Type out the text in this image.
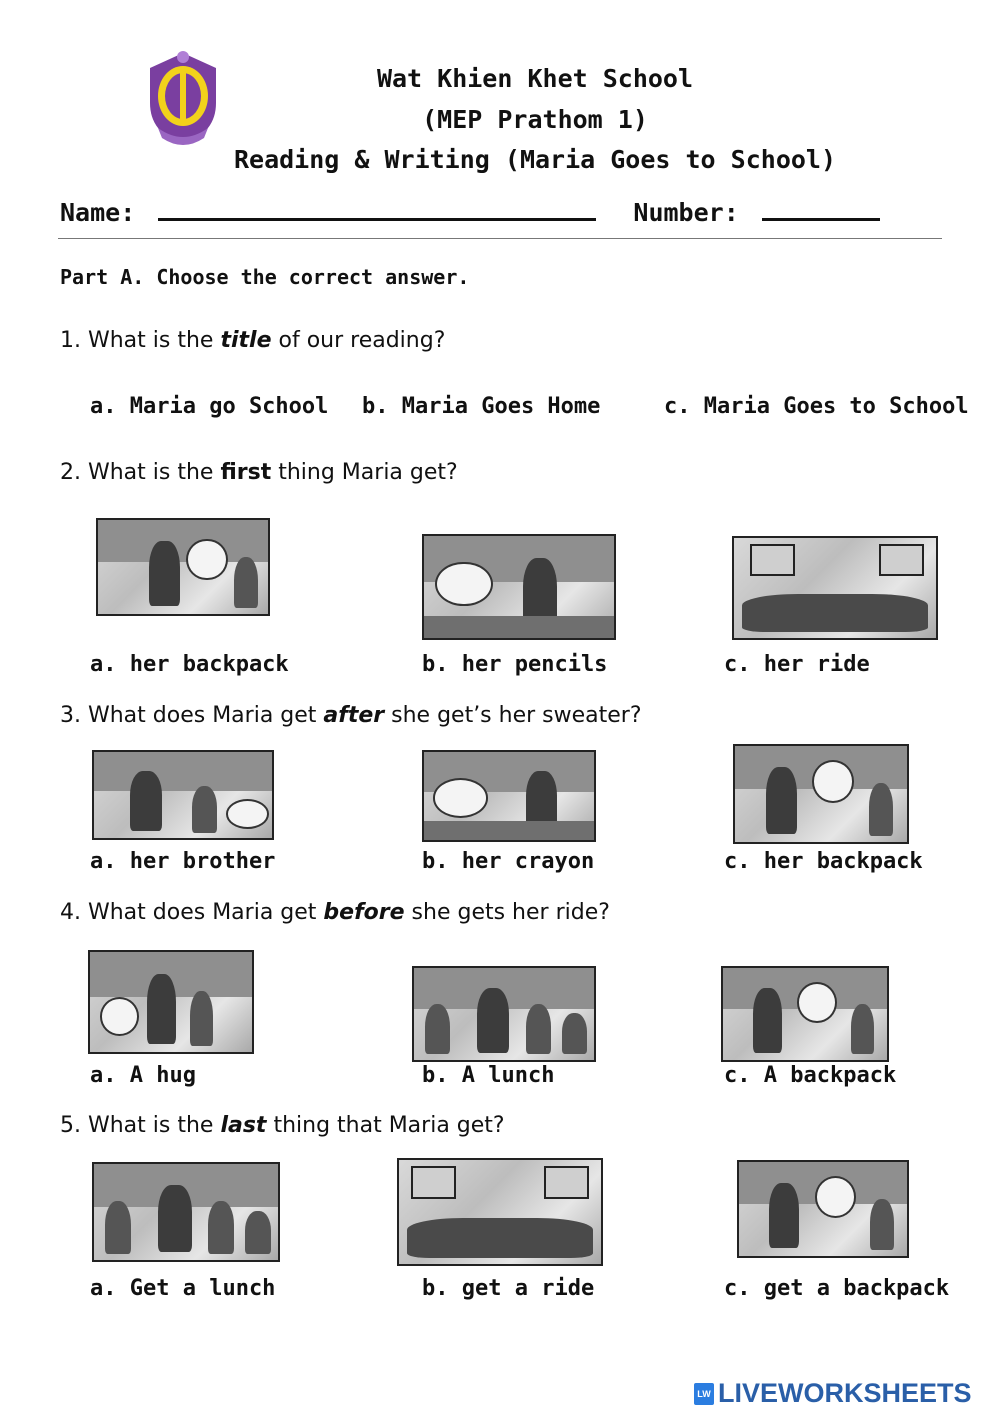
Wat Khien Khet School
(MEP Prathom 1)
Reading & Writing (Maria Goes to School)
Name:	Number:
Part A. Choose the correct answer.
1. What is the title of our reading?
a. Maria go School b. Maria Goes Home	c. Maria Goes to School
2. What is the first thing Maria get?
a. her backpack	b. her pencils	c. her ride
3. What does Maria get after she get’s her sweater?
a. her brother	b. her crayon	c. her backpack
4. What does Maria get before she gets her ride?
a. A hug	b. A lunch	c. A backpack
5. What is the last thing that Maria get?
a. Get a lunch	b. get a ride	c. get a backpack
LW LIVE WORKSHEETS
